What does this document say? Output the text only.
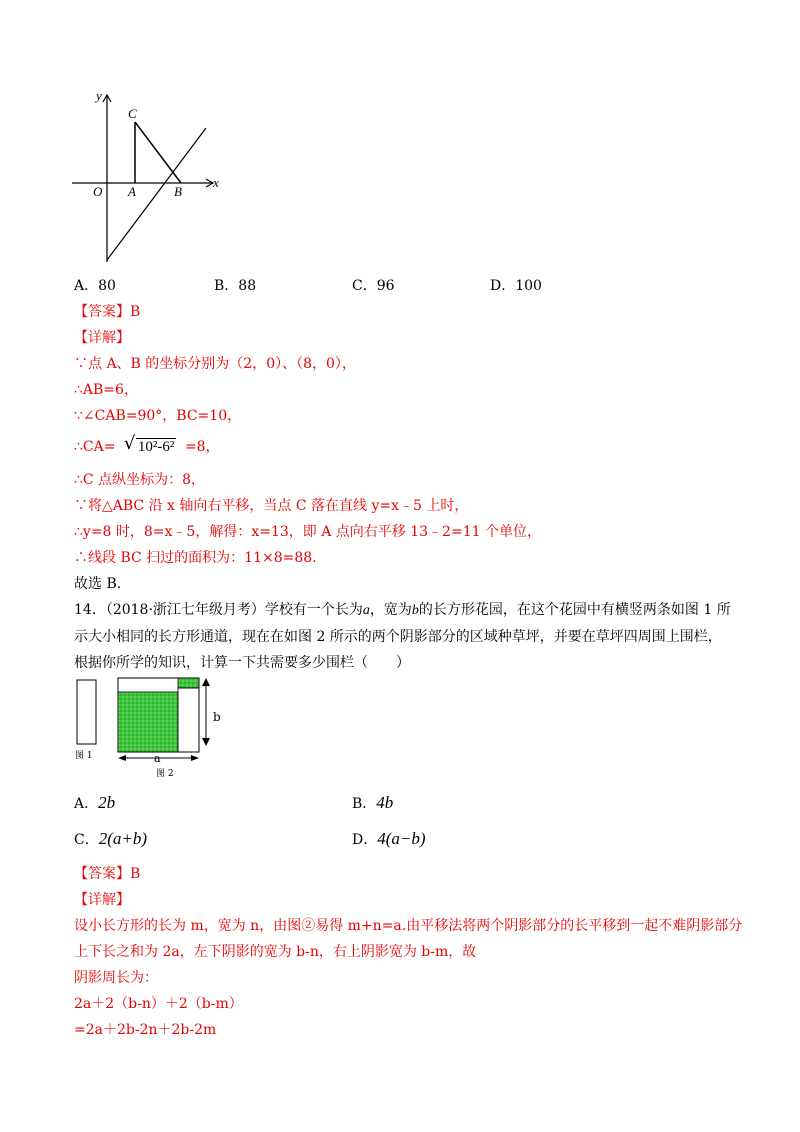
y
C
O A	B
x
A．80	B．88	C．96	D．100
【答案】B
【详解】
∵点 A、B 的坐标分别为（2，0）、（8，0），
∴AB=6，
∵∠CAB=90°，BC=10，
∴CA= √ 10²-6² =8，
∴C 点纵坐标为：8，
∵将△ABC 沿 x 轴向右平移，当点 C 落在直线 y=x﹣5 上时，
∴y=8 时，8=x﹣5，解得：x=13，即 A 点向右平移 13﹣2=11 个单位，
∴线段 BC 扫过的面积为：11×8=88.
故选 B.
14．（2018·浙江七年级月考）学校有一个长为a，宽为b的长方形花园，在这个花园中有横竖两条如图 1 所示大小相同的长方形通道，现在在如图 2 所示的两个阴影部分的区域种草坪，并要在草坪四周围上围栏，根据你所学的知识，计算一下共需要多少围栏（　　）
b
图 1	a
图 2
A．2b	B．4b
C．2(a+b)	D．4(a−b)
【答案】B
【详解】
设小长方形的长为 m，宽为 n，由图②易得 m+n=a.由平移法将两个阴影部分的长平移到一起不难阴影部分
上下长之和为 2a，左下阴影的宽为 b-n，右上阴影宽为 b-m，故
阴影周长为：
2a＋2（b-n）＋2（b-m）
=2a＋2b-2n＋2b-2m
